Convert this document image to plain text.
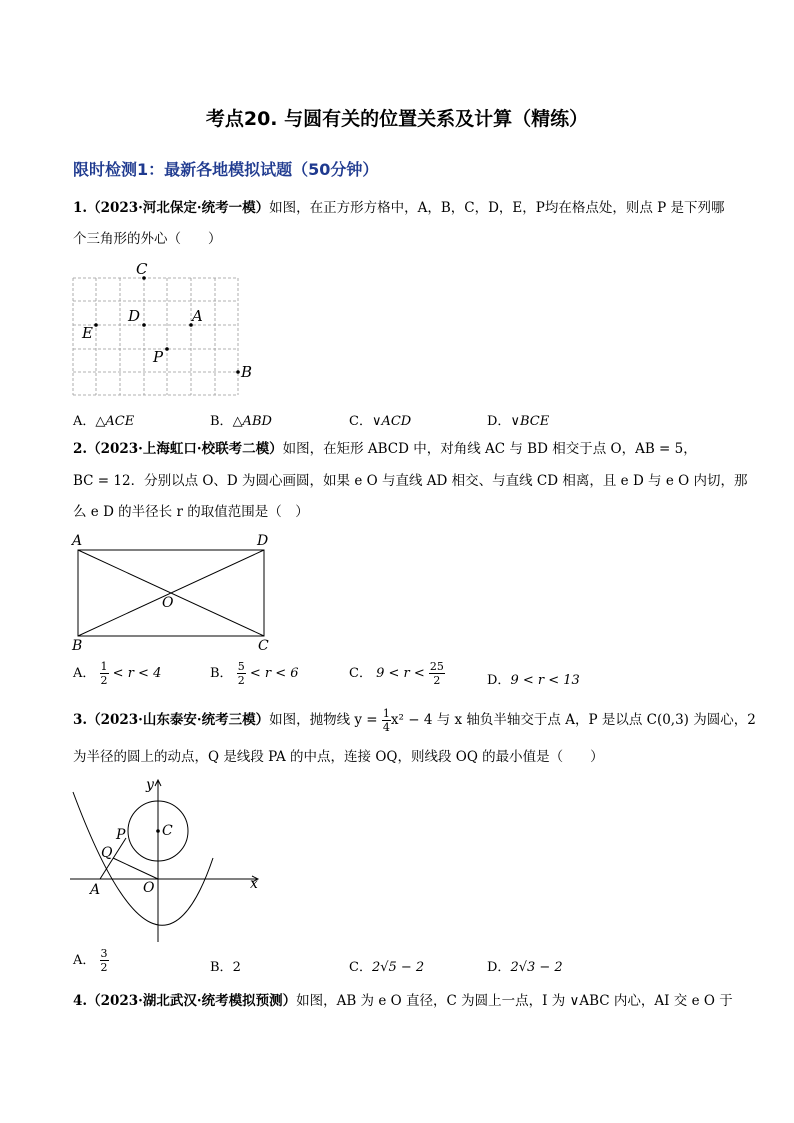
考点20. 与圆有关的位置关系及计算（精练）
限时检测1：最新各地模拟试题（50分钟）
1.（2023·河北保定·统考一模）如图，在正方形方格中，A，B，C，D，E，P均在格点处，则点 P 是下列哪
个三角形的外心（　　）
C
D	A
E
P
B
A．△ACE	B．△ABD	C．∨ACD	D．∨BCE
2.（2023·上海虹口·校联考二模）如图，在矩形 ABCD 中，对角线 AC 与 BD 相交于点 O，AB = 5，
BC = 12．分别以点 O、D 为圆心画圆，如果 e O 与直线 AD 相交、与直线 CD 相离，且 e D 与 e O 内切，那
么 e D 的半径长 r 的取值范围是（　）
A	D
B	C
O
A． $\frac{1}{2} < r < 4$	B． $\frac{5}{2} < r < 6$	C． $9 < r < \frac{25}{2}$	D．9 < r < 13
3.（2023·山东泰安·统考三模）如图，抛物线 $y = \frac{1}{4} x^2 - 4$ 与 x 轴负半轴交于点 A，P 是以点 C(0,3) 为圆心，2
为半径的圆上的动点，Q 是线段 PA 的中点，连接 OQ，则线段 OQ 的最小值是（　　）
y
x
C
P
Q
A	O
A． $\frac{3}{2}$	B．2	C．2√5 − 2	D．2√3 − 2
4.（2023·湖北武汉·统考模拟预测）如图，AB 为 e O 直径，C 为圆上一点，I 为 ∨ABC 内心，AI 交 e O 于
